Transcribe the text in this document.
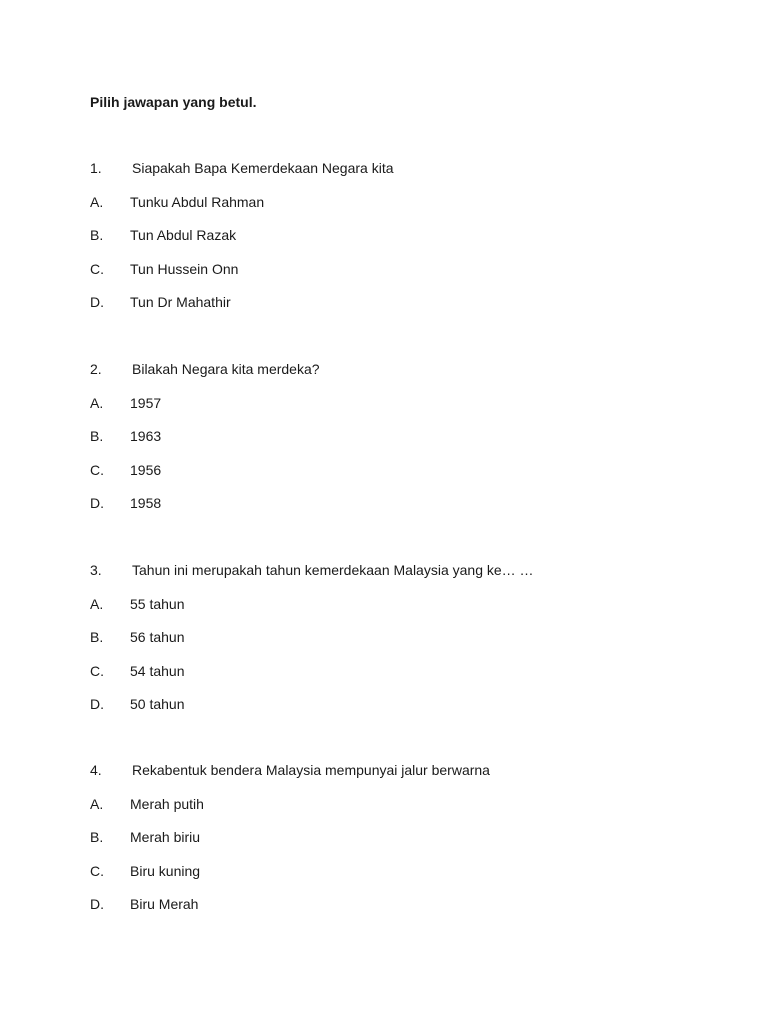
Pilih jawapan yang betul.
1. Siapakah Bapa Kemerdekaan Negara kita
A. Tunku Abdul Rahman
B. Tun Abdul Razak
C. Tun Hussein Onn
D. Tun Dr Mahathir
2. Bilakah Negara kita merdeka?
A. 1957
B. 1963
C. 1956
D. 1958
3. Tahun ini merupakah tahun kemerdekaan Malaysia yang ke… …
A. 55 tahun
B. 56 tahun
C. 54 tahun
D. 50 tahun
4. Rekabentuk bendera Malaysia mempunyai jalur berwarna
A. Merah putih
B. Merah biriu
C. Biru kuning
D. Biru Merah
